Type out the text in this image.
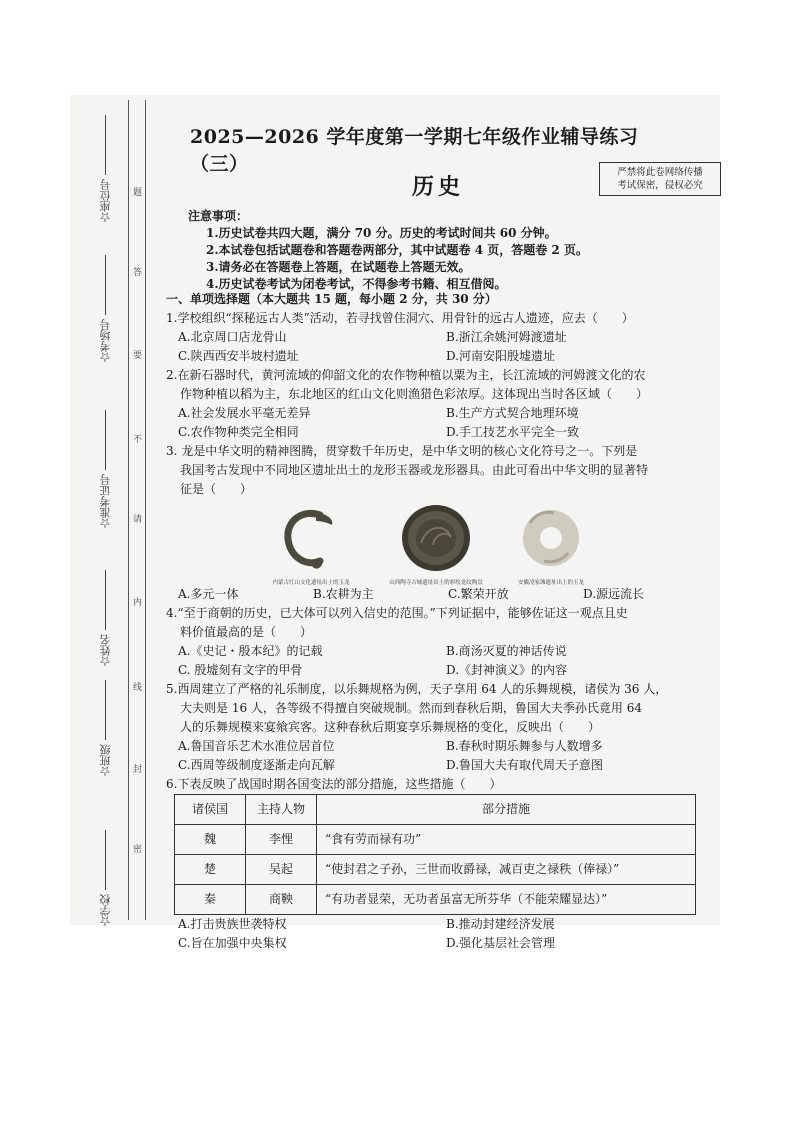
☆座位号
☆考场号
☆准考证号
☆姓名
☆班级
☆学校
题
答
要
不
请
内
线
封
密
2025—2026 学年度第一学期七年级作业辅导练习（三）
历史
严禁将此卷网络传播
考试保密，侵权必究
注意事项：
1.历史试卷共四大题，满分 70 分。历史的考试时间共 60 分钟。
2.本试卷包括试题卷和答题卷两部分，其中试题卷 4 页，答题卷 2 页。
3.请务必在答题卷上答题，在试题卷上答题无效。
4.历史试卷考试为闭卷考试，不得参考书籍、相互借阅。
一、单项选择题（本大题共 15 题，每小题 2 分，共 30 分）
1.学校组织“探秘远古人类”活动，若寻找曾住洞穴、用骨针的远古人遗迹，应去（　　）
A.北京周口店龙骨山	B.浙江余姚河姆渡遗址
C.陕西西安半坡村遗址	D.河南安阳殷墟遗址
2.在新石器时代，黄河流域的仰韶文化的农作物种植以粟为主，长江流域的河姆渡文化的农
作物种植以稻为主，东北地区的红山文化则渔猎色彩浓厚。这体现出当时各区域（　　）
A.社会发展水平毫无差异	B.生产方式契合地理环境
C.农作物种类完全相同	D.手工技艺水平完全一致
3. 龙是中华文明的精神图腾，贯穿数千年历史，是中华文明的核心文化符号之一。下列是
我国考古发现中不同地区遗址出土的龙形玉器或龙形器具。由此可看出中华文明的显著特
征是（　　）
内蒙古红山文化遗址出土的玉龙	山西陶寺古城遗址出土的彩绘龙纹陶盘	安徽凌家滩遗址出土的玉龙
A.多元一体	B.农耕为主	C.繁荣开放	D.源远流长
4.“至于商朝的历史，已大体可以列入信史的范围。”下列证据中，能够佐证这一观点且史
料价值最高的是（　　）
A.《史记・殷本纪》的记载	B.商汤灭夏的神话传说
C. 殷墟刻有文字的甲骨	D.《封神演义》的内容
5.西周建立了严格的礼乐制度，以乐舞规格为例，天子享用 64 人的乐舞规模，诸侯为 36 人，
大夫则是 16 人，各等级不得擅自突破规制。然而到春秋后期，鲁国大夫季孙氏竟用 64
人的乐舞规模来宴飨宾客。这种春秋后期宴享乐舞规格的变化，反映出（　　）
A.鲁国音乐艺术水准位居首位	B.春秋时期乐舞参与人数增多
C.西周等级制度逐渐走向瓦解	D.鲁国大夫有取代周天子意图
6.下表反映了战国时期各国变法的部分措施，这些措施（　　）
诸侯国	主持人物	部分措施
魏	李悝	“食有劳而禄有功”
楚	吴起	“使封君之子孙，三世而收爵禄，减百吏之禄秩（俸禄）”
秦	商鞅	“有功者显荣，无功者虽富无所芬华（不能荣耀显达）”
A.打击贵族世袭特权	B.推动封建经济发展
C.旨在加强中央集权	D.强化基层社会管理
